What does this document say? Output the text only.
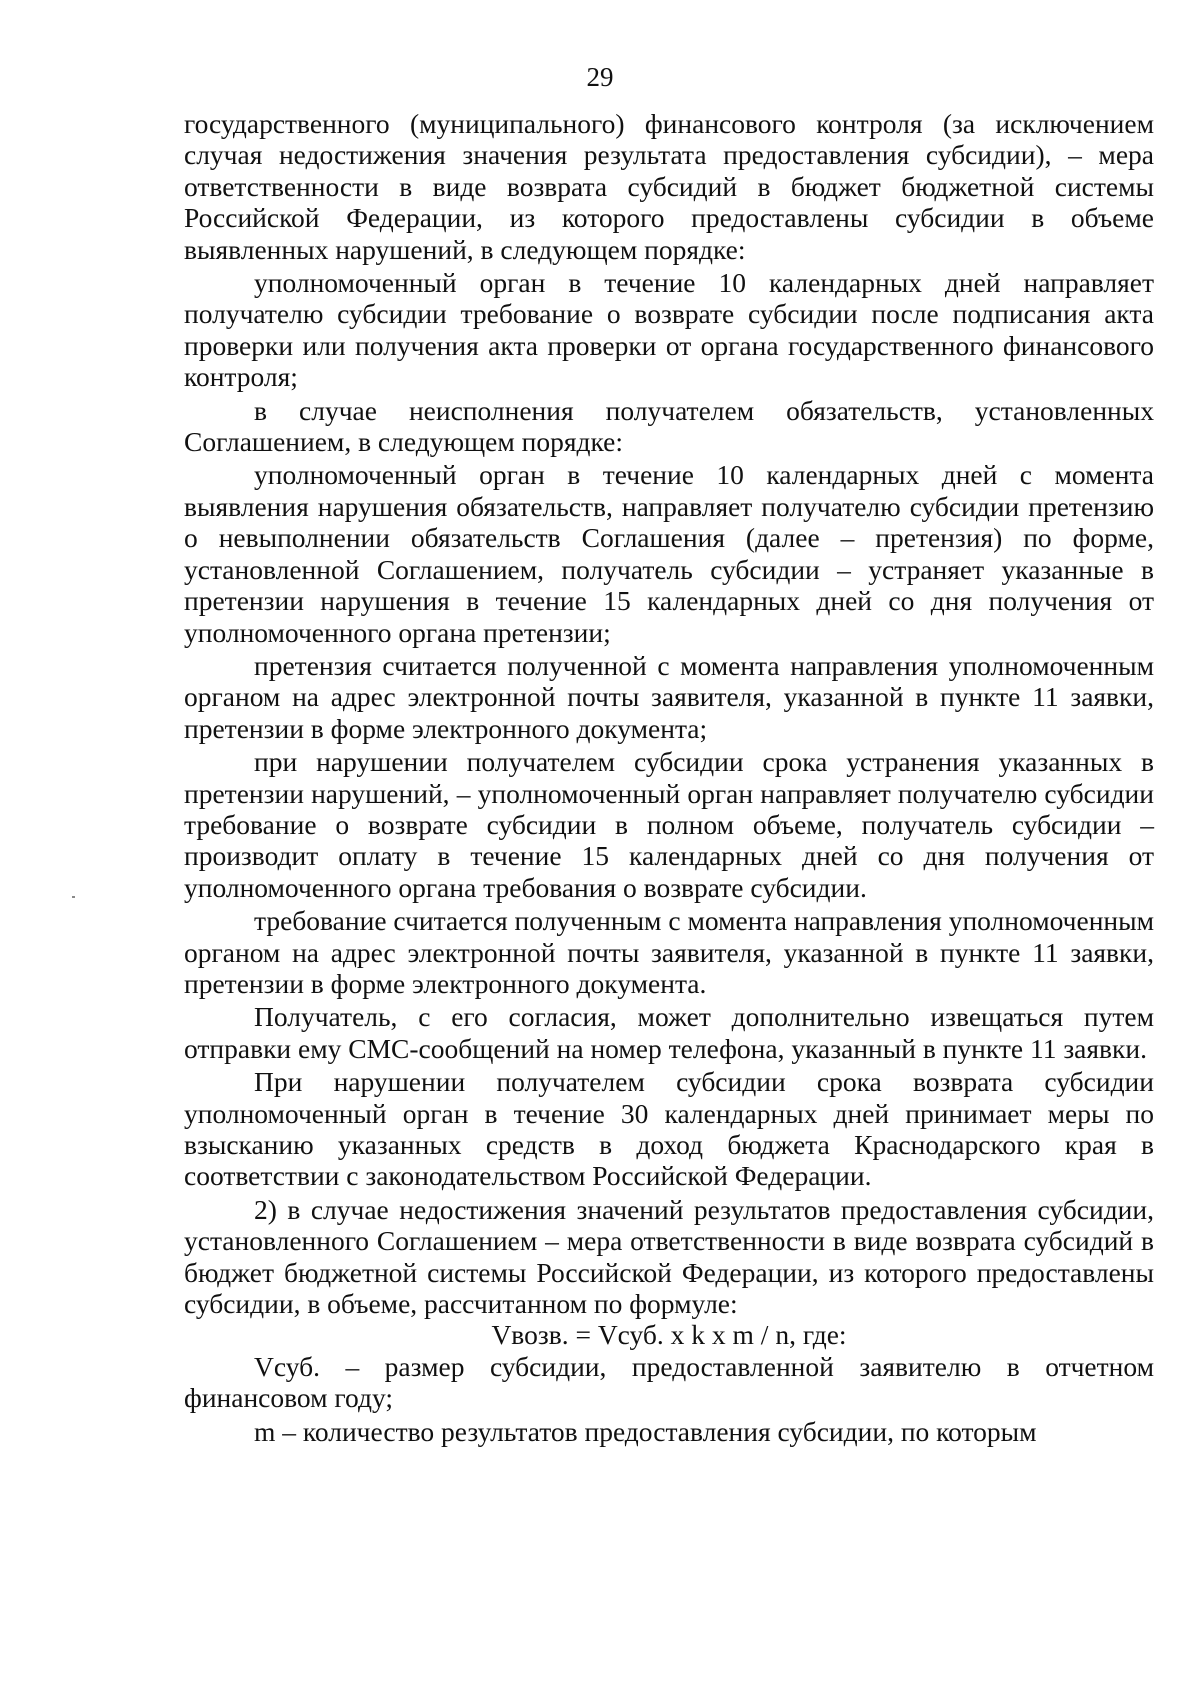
29

государственного (муниципального) финансового контроля (за исключением случая недостижения значения результата предоставления субсидии), – мера ответственности в виде возврата субсидий в бюджет бюджетной системы Российской Федерации, из которого предоставлены субсидии в объеме выявленных нарушений, в следующем порядке:

уполномоченный орган в течение 10 календарных дней направляет получателю субсидии требование о возврате субсидии после подписания акта проверки или получения акта проверки от органа государственного финансового контроля;

в случае неисполнения получателем обязательств, установленных Соглашением, в следующем порядке:

уполномоченный орган в течение 10 календарных дней с момента выявления нарушения обязательств, направляет получателю субсидии претензию о невыполнении обязательств Соглашения (далее – претензия) по форме, установленной Соглашением, получатель субсидии – устраняет указанные в претензии нарушения в течение 15 календарных дней со дня получения от уполномоченного органа претензии;

претензия считается полученной с момента направления уполномоченным органом на адрес электронной почты заявителя, указанной в пункте 11 заявки, претензии в форме электронного документа;

при нарушении получателем субсидии срока устранения указанных в претензии нарушений, – уполномоченный орган направляет получателю субсидии требование о возврате субсидии в полном объеме, получатель субсидии – производит оплату в течение 15 календарных дней со дня получения от уполномоченного органа требования о возврате субсидии.

требование считается полученным с момента направления уполномоченным органом на адрес электронной почты заявителя, указанной в пункте 11 заявки, претензии в форме электронного документа.

Получатель, с его согласия, может дополнительно извещаться путем отправки ему СМС-сообщений на номер телефона, указанный в пункте 11 заявки.

При нарушении получателем субсидии срока возврата субсидии уполномоченный орган в течение 30 календарных дней принимает меры по взысканию указанных средств в доход бюджета Краснодарского края в соответствии с законодательством Российской Федерации.

2) в случае недостижения значений результатов предоставления субсидии, установленного Соглашением – мера ответственности в виде возврата субсидий в бюджет бюджетной системы Российской Федерации, из которого предоставлены субсидии, в объеме, рассчитанном по формуле:

Vвозв. = Vсуб. x k x m / n, где:

Vсуб. – размер субсидии, предоставленной заявителю в отчетном финансовом году;

m – количество результатов предоставления субсидии, по которым
